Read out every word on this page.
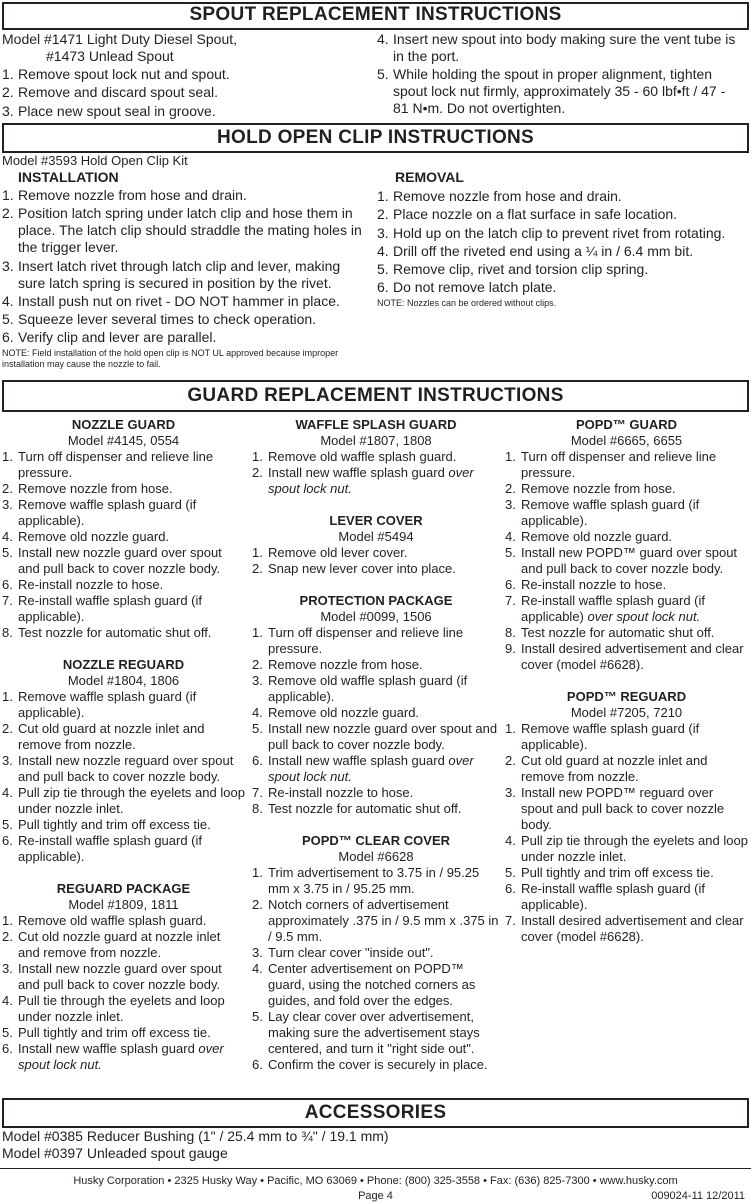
SPOUT REPLACEMENT INSTRUCTIONS
Model #1471 Light Duty Diesel Spout,
#1473 Unlead Spout
1. Remove spout lock nut and spout.
2. Remove and discard spout seal.
3. Place new spout seal in groove.
4. Insert new spout into body making sure the vent tube is in the port.
5. While holding the spout in proper alignment, tighten spout lock nut firmly, approximately 35 - 60 lbf•ft / 47 - 81 N•m. Do not overtighten.
HOLD OPEN CLIP INSTRUCTIONS
Model #3593 Hold Open Clip Kit
INSTALLATION
1. Remove nozzle from hose and drain.
2. Position latch spring under latch clip and hose them in place. The latch clip should straddle the mating holes in the trigger lever.
3. Insert latch rivet through latch clip and lever, making sure latch spring is secured in position by the rivet.
4. Install push nut on rivet - DO NOT hammer in place.
5. Squeeze lever several times to check operation.
6. Verify clip and lever are parallel.
NOTE: Field installation of the hold open clip is NOT UL approved because improper installation may cause the nozzle to fail.
REMOVAL
1. Remove nozzle from hose and drain.
2. Place nozzle on a flat surface in safe location.
3. Hold up on the latch clip to prevent rivet from rotating.
4. Drill off the riveted end using a ¼ in / 6.4 mm bit.
5. Remove clip, rivet and torsion clip spring.
6. Do not remove latch plate.
NOTE: Nozzles can be ordered without clips.
GUARD REPLACEMENT INSTRUCTIONS
NOZZLE GUARD
Model #4145, 0554
1. Turn off dispenser and relieve line pressure.
2. Remove nozzle from hose.
3. Remove waffle splash guard (if applicable).
4. Remove old nozzle guard.
5. Install new nozzle guard over spout and pull back to cover nozzle body.
6. Re-install nozzle to hose.
7. Re-install waffle splash guard (if applicable).
8. Test nozzle for automatic shut off.
NOZZLE REGUARD
Model #1804, 1806
1. Remove waffle splash guard (if applicable).
2. Cut old guard at nozzle inlet and remove from nozzle.
3. Install new nozzle reguard over spout and pull back to cover nozzle body.
4. Pull zip tie through the eyelets and loop under nozzle inlet.
5. Pull tightly and trim off excess tie.
6. Re-install waffle splash guard (if applicable).
REGUARD PACKAGE
Model #1809, 1811
1. Remove old waffle splash guard.
2. Cut old nozzle guard at nozzle inlet and remove from nozzle.
3. Install new nozzle guard over spout and pull back to cover nozzle body.
4. Pull tie through the eyelets and loop under nozzle inlet.
5. Pull tightly and trim off excess tie.
6. Install new waffle splash guard over spout lock nut.
WAFFLE SPLASH GUARD
Model #1807, 1808
1. Remove old waffle splash guard.
2. Install new waffle splash guard over spout lock nut.
LEVER COVER
Model #5494
1. Remove old lever cover.
2. Snap new lever cover into place.
PROTECTION PACKAGE
Model #0099, 1506
1. Turn off dispenser and relieve line pressure.
2. Remove nozzle from hose.
3. Remove old waffle splash guard (if applicable).
4. Remove old nozzle guard.
5. Install new nozzle guard over spout and pull back to cover nozzle body.
6. Install new waffle splash guard over spout lock nut.
7. Re-install nozzle to hose.
8. Test nozzle for automatic shut off.
POPD™ CLEAR COVER
Model #6628
1. Trim advertisement to 3.75 in / 95.25 mm x 3.75 in / 95.25 mm.
2. Notch corners of advertisement approximately .375 in / 9.5 mm x .375 in / 9.5 mm.
3. Turn clear cover "inside out".
4. Center advertisement on POPD™ guard, using the notched corners as guides, and fold over the edges.
5. Lay clear cover over advertisement, making sure the advertisement stays centered, and turn it "right side out".
6. Confirm the cover is securely in place.
POPD™ GUARD
Model #6665, 6655
1. Turn off dispenser and relieve line pressure.
2. Remove nozzle from hose.
3. Remove waffle splash guard (if applicable).
4. Remove old nozzle guard.
5. Install new POPD™ guard over spout and pull back to cover nozzle body.
6. Re-install nozzle to hose.
7. Re-install waffle splash guard (if applicable) over spout lock nut.
8. Test nozzle for automatic shut off.
9. Install desired advertisement and clear cover (model #6628).
POPD™ REGUARD
Model #7205, 7210
1. Remove waffle splash guard (if applicable).
2. Cut old guard at nozzle inlet and remove from nozzle.
3. Install new POPD™ reguard over spout and pull back to cover nozzle body.
4. Pull zip tie through the eyelets and loop under nozzle inlet.
5. Pull tightly and trim off excess tie.
6. Re-install waffle splash guard (if applicable).
7. Install desired advertisement and clear cover (model #6628).
ACCESSORIES
Model #0385 Reducer Bushing (1" / 25.4 mm to ¾" / 19.1 mm)
Model #0397 Unleaded spout gauge
Husky Corporation • 2325 Husky Way • Pacific, MO 63069 • Phone: (800) 325-3558 • Fax: (636) 825-7300 • www.husky.com
Page 4	009024-11 12/2011
